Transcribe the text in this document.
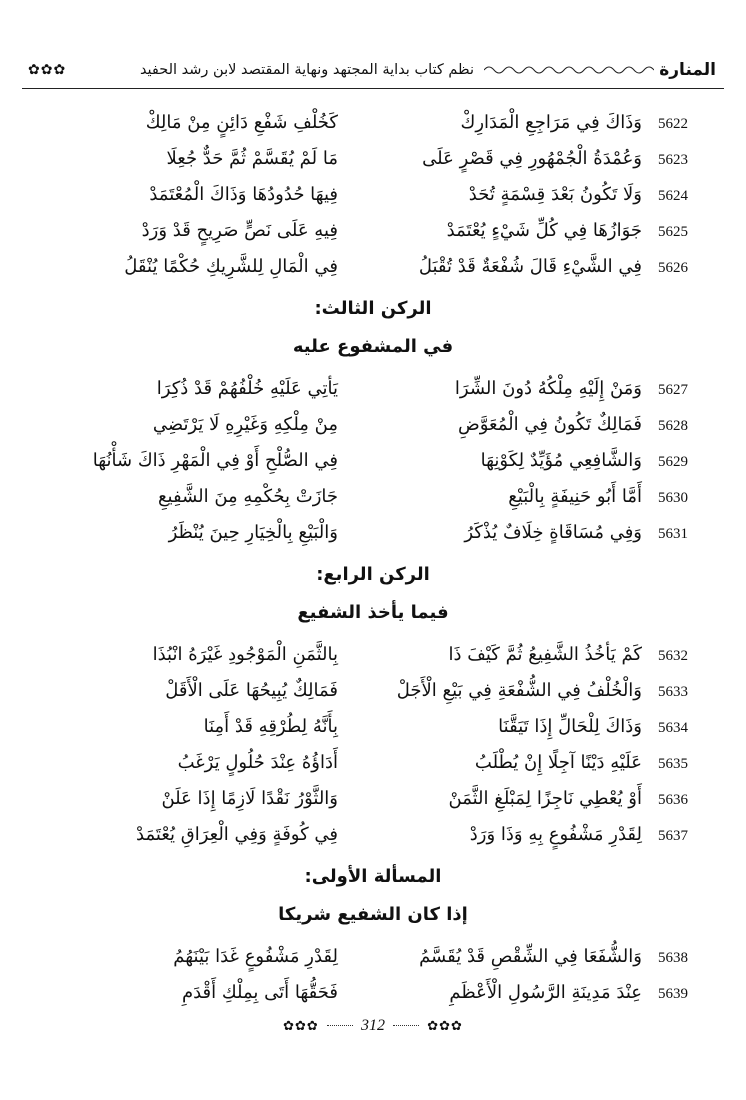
المنارة
نظم كتاب بداية المجتهد ونهاية المقتصد لابن رشد الحفيد
✿✿✿
5622
وَذَاكَ فِي مَرَاجِعِ الْمَدَارِكْ
كَخُلْفِ شَفْعِ دَائِنٍ مِنْ مَالِكْ
5623
وَعُمْدَةُ الْجُمْهُورِ فِي قَصْرٍ عَلَى
مَا لَمْ يُقَسَّمْ ثُمَّ حَدٌّ جُعِلَا
5624
وَلَا تَكُونُ بَعْدَ قِسْمَةٍ تُحَدْ
فِيهَا حُدُودُهَا وَذَاكَ الْمُعْتَمَدْ
5625
جَوَازُهَا فِي كُلِّ شَيْءٍ يُعْتَمَدْ
فِيهِ عَلَى نَصٍّ صَرِيحٍ قَدْ وَرَدْ
5626
فِي الشَّيْءِ قَالَ شُفْعَةٌ قَدْ تُقْبَلُ
فِي الْمَالِ لِلشَّرِيكِ حُكْمًا يُنْقَلُ
الركن الثالث:
في المشفوع عليه
5627
وَمَنْ إِلَيْهِ مِلْكُهُ دُونَ الشِّرَا
يَأتِي عَلَيْهِ خُلْفُهُمْ قَدْ ذُكِرَا
5628
فَمَالِكٌ تَكُونُ فِي الْمُعَوَّضِ
مِنْ مِلْكِهِ وَغَيْرِهِ لَا يَرْتَضِي
5629
وَالشَّافِعِي مُؤَيِّدٌ لِكَوْنِهَا
فِي الصُّلْحِ أَوْ فِي الْمَهْرِ ذَاكَ شَأْنُهَا
5630
أَمَّا أَبُو حَنِيفَةٍ بِالْبَيْعِ
جَازَتْ بِحُكْمِهِ مِنَ الشَّفِيعِ
5631
وَفِي مُسَاقَاةٍ خِلَافٌ يُذْكَرُ
وَالْبَيْعِ بِالْخِيَارِ حِينَ يُنْظَرُ
الركن الرابع:
فيما يأخذ الشفيع
5632
كَمْ يَأخُذُ الشَّفِيعُ ثُمَّ كَيْفَ ذَا
بِالثَّمَنِ الْمَوْجُودِ غَيْرَهُ انْبُذَا
5633
وَالْخُلْفُ فِي الشُّفْعَةِ فِي بَيْعِ الْأَجَلْ
فَمَالِكٌ يُبِيحُهَا عَلَى الْأَقَلْ
5634
وَذَاكَ لِلْحَالِّ إِذَا تَيَقَّنَا
بِأَنَّهُ لِطُرْقِهِ قَدْ أَمِنَا
5635
عَلَيْهِ دَيْنًا آجِلًا إِنْ يُطْلَبُ
أَدَاؤُهُ عِنْدَ حُلُولٍ يَرْغَبُ
5636
أَوْ يُعْطِي نَاجِزًا لِمَبْلَغِ الثَّمَنْ
وَالثَّوْرُ نَقْدًا لَازِمًا إِذَا عَلَنْ
5637
لِقَدْرِ مَشْفُوعٍ بِهِ وَذَا وَرَدْ
فِي كُوفَةٍ وَفِي الْعِرَاقِ يُعْتَمَدْ
المسألة الأولى:
إذا كان الشفيع شريكا
5638
وَالشُّفَعَا فِي الشِّقْصِ قَدْ يُقَسَّمُ
لِقَدْرِ مَشْفُوعٍ غَدَا بَيْنَهُمُ
5639
عِنْدَ مَدِينَةِ الرَّسُولِ الْأَعْظَمِ
فَحَقُّهَا أَتَى بِمِلْكِ أَقْدَمِ
✿✿✿	312	✿✿✿
